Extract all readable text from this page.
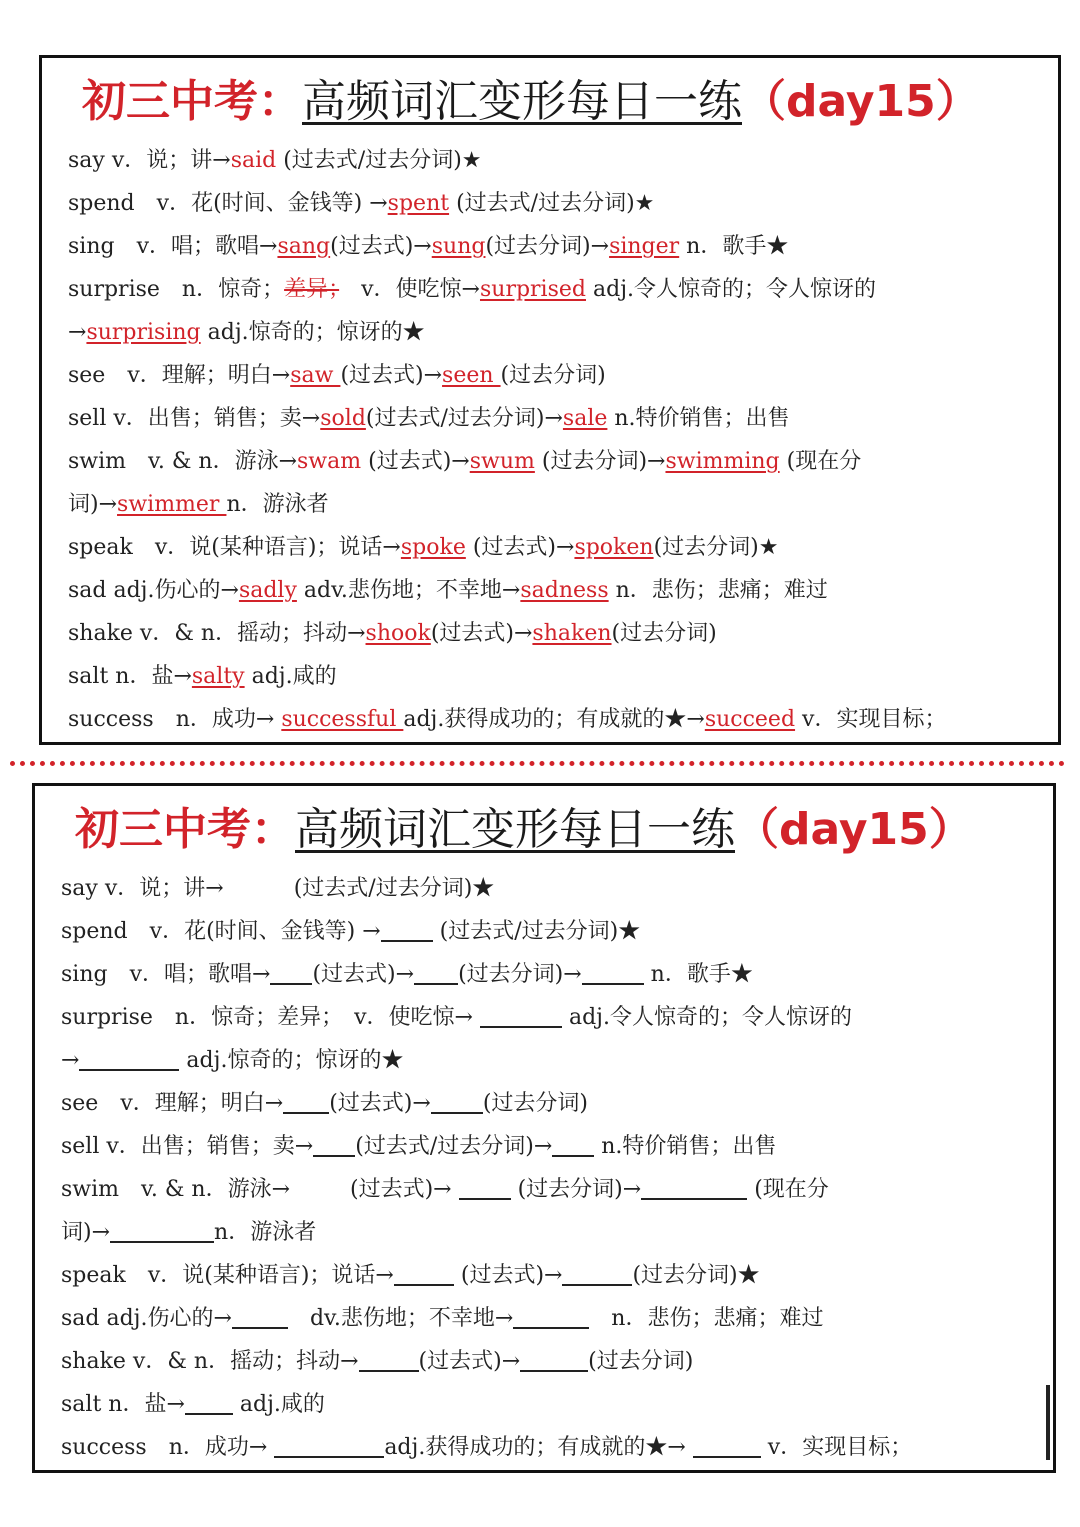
初三中考：高频词汇变形每日一练（day15）
say v．说；讲→said (过去式/过去分词)★
spend　v．花(时间、金钱等) →spent (过去式/过去分词)★
sing　v．唱；歌唱→sang(过去式)→sung(过去分词)→singer n．歌手★
surprise　n．惊奇；差异；　v．使吃惊→surprised adj.令人惊奇的；令人惊讶的
→surprising adj.惊奇的；惊讶的★
see　v．理解；明白→saw (过去式)→seen (过去分词)
sell v．出售；销售；卖→sold(过去式/过去分词)→sale n.特价销售；出售
swim　v. & n．游泳→swam (过去式)→swum (过去分词)→swimming (现在分
词)→swimmer n．游泳者
speak　v．说(某种语言)；说话→spoke (过去式)→spoken(过去分词)★
sad adj.伤心的→sadly adv.悲伤地；不幸地→sadness n．悲伤；悲痛；难过
shake v．& n．摇动；抖动→shook(过去式)→shaken(过去分词)
salt n．盐→salty adj.咸的
success　n．成功→ successful adj.获得成功的；有成就的★→succeed v．实现目标；
初三中考：高频词汇变形每日一练（day15）
say v．说；讲→	(过去式/过去分词)★
spend　v．花(时间、金钱等) → (过去式/过去分词)★
sing　v．唱；歌唱→ (过去式)→ (过去分词)→	n．歌手★
surprise　n．惊奇；差异；　v．使吃惊→	adj.令人惊奇的；令人惊讶的
→	adj.惊奇的；惊讶的★
see　v．理解；明白→ (过去式)→ (过去分词)
sell v．出售；销售；卖→ (过去式/过去分词)→ n.特价销售；出售
swim　v. & n．游泳→	(过去式)→  (过去分词)→	(现在分
词)→	n．游泳者
speak　v．说(某种语言)；说话→	(过去式)→	(过去分词)★
sad adj.伤心的→	　dv.悲伤地；不幸地→	　n．悲伤；悲痛；难过
shake v．& n．摇动；抖动→	(过去式)→	(过去分词)
salt n．盐→ adj.咸的
success　n．成功→	adj.获得成功的；有成就的★→	v．实现目标；
